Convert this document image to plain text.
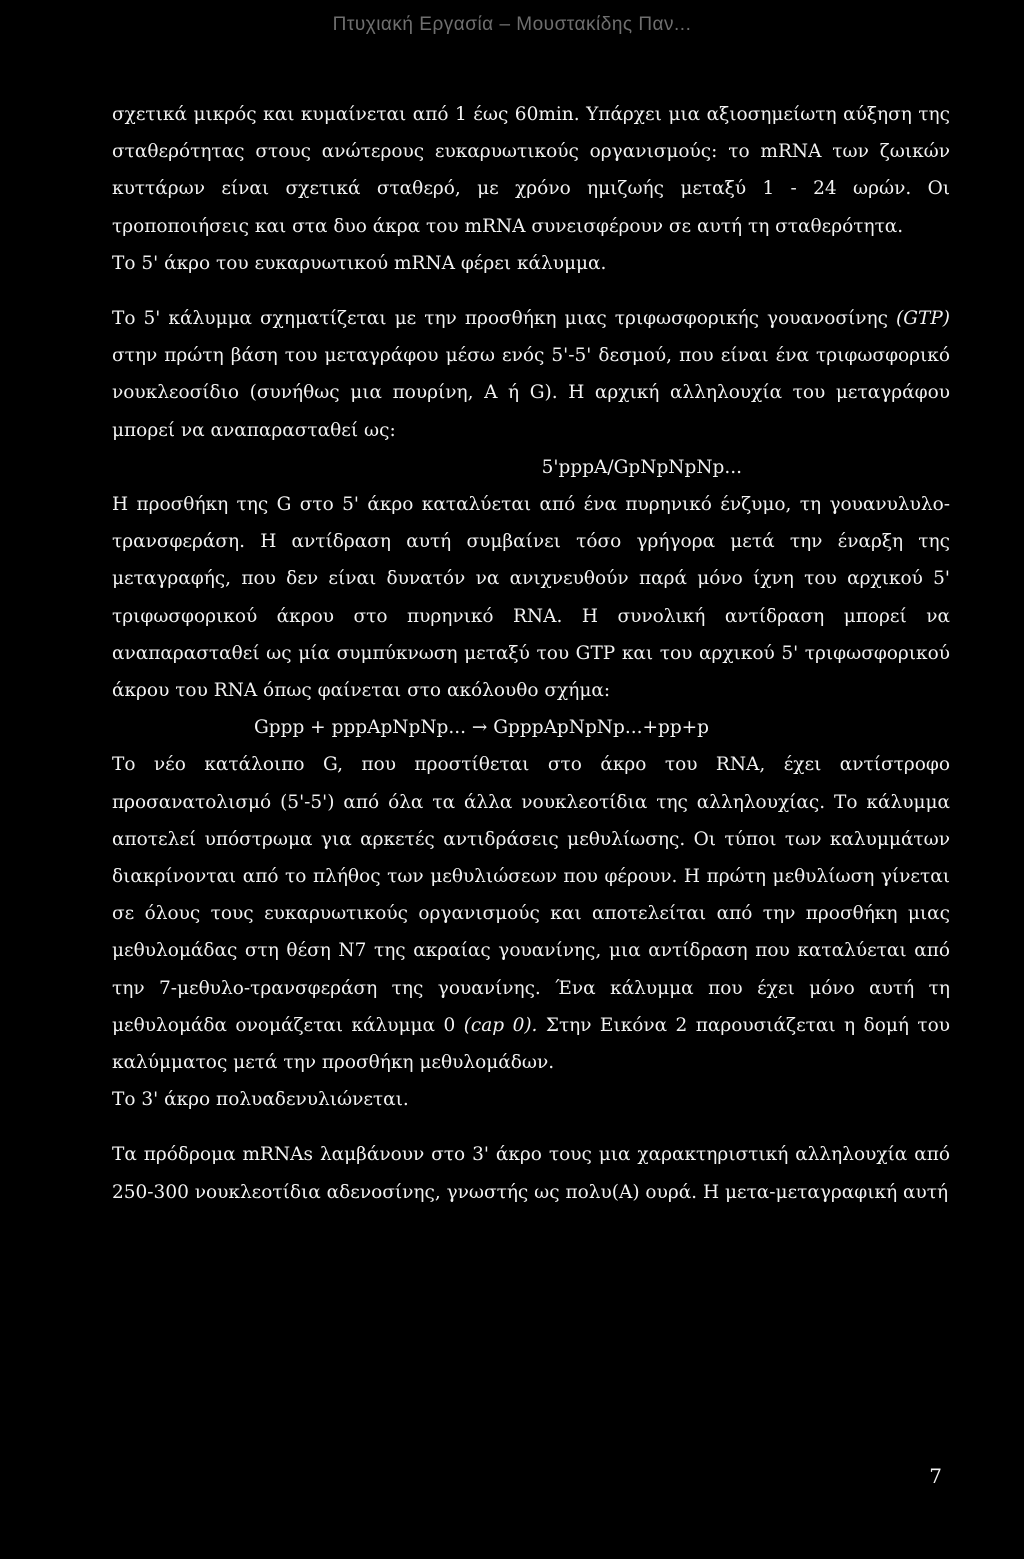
Πτυχιακή Εργασία – Μουστακίδης Παν...

σχετικά μικρός και κυμαίνεται από 1 έως 60min. Υπάρχει μια αξιοσημείωτη αύξηση της σταθερότητας στους ανώτερους ευκαρυωτικούς οργανισμούς: το mRNA των ζωικών κυττάρων είναι σχετικά σταθερό, με χρόνο ημιζωής μεταξύ 1 - 24 ωρών. Οι τροποποιήσεις και στα δυο άκρα του mRNA συνεισφέρουν σε αυτή τη σταθερότητα.

Το 5' άκρο του ευκαρυωτικού mRNA φέρει κάλυμμα.

Το 5' κάλυμμα σχηματίζεται με την προσθήκη μιας τριφωσφορικής γουανοσίνης (GTP) στην πρώτη βάση του μεταγράφου μέσω ενός 5'-5' δεσμού, που είναι ένα τριφωσφορικό νουκλεοσίδιο (συνήθως μια πουρίνη, Α ή G). Η αρχική αλληλουχία του μεταγράφου μπορεί να αναπαρασταθεί ως:

5'pppA/GpNpNpNp...

Η προσθήκη της G στο 5' άκρο καταλύεται από ένα πυρηνικό ένζυμο, τη γουανυλυλο-τρανσφεράση. Η αντίδραση αυτή συμβαίνει τόσο γρήγορα μετά την έναρξη της μεταγραφής, που δεν είναι δυνατόν να ανιχνευθούν παρά μόνο ίχνη του αρχικού 5' τριφωσφορικού άκρου στο πυρηνικό RNA. Η συνολική αντίδραση μπορεί να αναπαρασταθεί ως μία συμπύκνωση μεταξύ του GTP και του αρχικού 5' τριφωσφορικού άκρου του RNA όπως φαίνεται στο ακόλουθο σχήμα:

Gppp + pppApNpNp... → GpppApNpNp...+pp+p

Το νέο κατάλοιπο G, που προστίθεται στο άκρο του RNA, έχει αντίστροφο προσανατολισμό (5'-5') από όλα τα άλλα νουκλεοτίδια της αλληλουχίας. Το κάλυμμα αποτελεί υπόστρωμα για αρκετές αντιδράσεις μεθυλίωσης. Οι τύποι των καλυμμάτων διακρίνονται από το πλήθος των μεθυλιώσεων που φέρουν. Η πρώτη μεθυλίωση γίνεται σε όλους τους ευκαρυωτικούς οργανισμούς και αποτελείται από την προσθήκη μιας μεθυλομάδας στη θέση N7 της ακραίας γουανίνης, μια αντίδραση που καταλύεται από την 7-μεθυλο-τρανσφεράση της γουανίνης. Ένα κάλυμμα που έχει μόνο αυτή τη μεθυλομάδα ονομάζεται κάλυμμα 0 (cap 0). Στην Εικόνα 2 παρουσιάζεται η δομή του καλύμματος μετά την προσθήκη μεθυλομάδων.

Το 3' άκρο πολυαδενυλιώνεται.

Τα πρόδρομα mRNAs λαμβάνουν στο 3' άκρο τους μια χαρακτηριστική αλληλουχία από 250-300 νουκλεοτίδια αδενοσίνης, γνωστής ως πολυ(Α) ουρά. Η μετα-μεταγραφική αυτή

7
